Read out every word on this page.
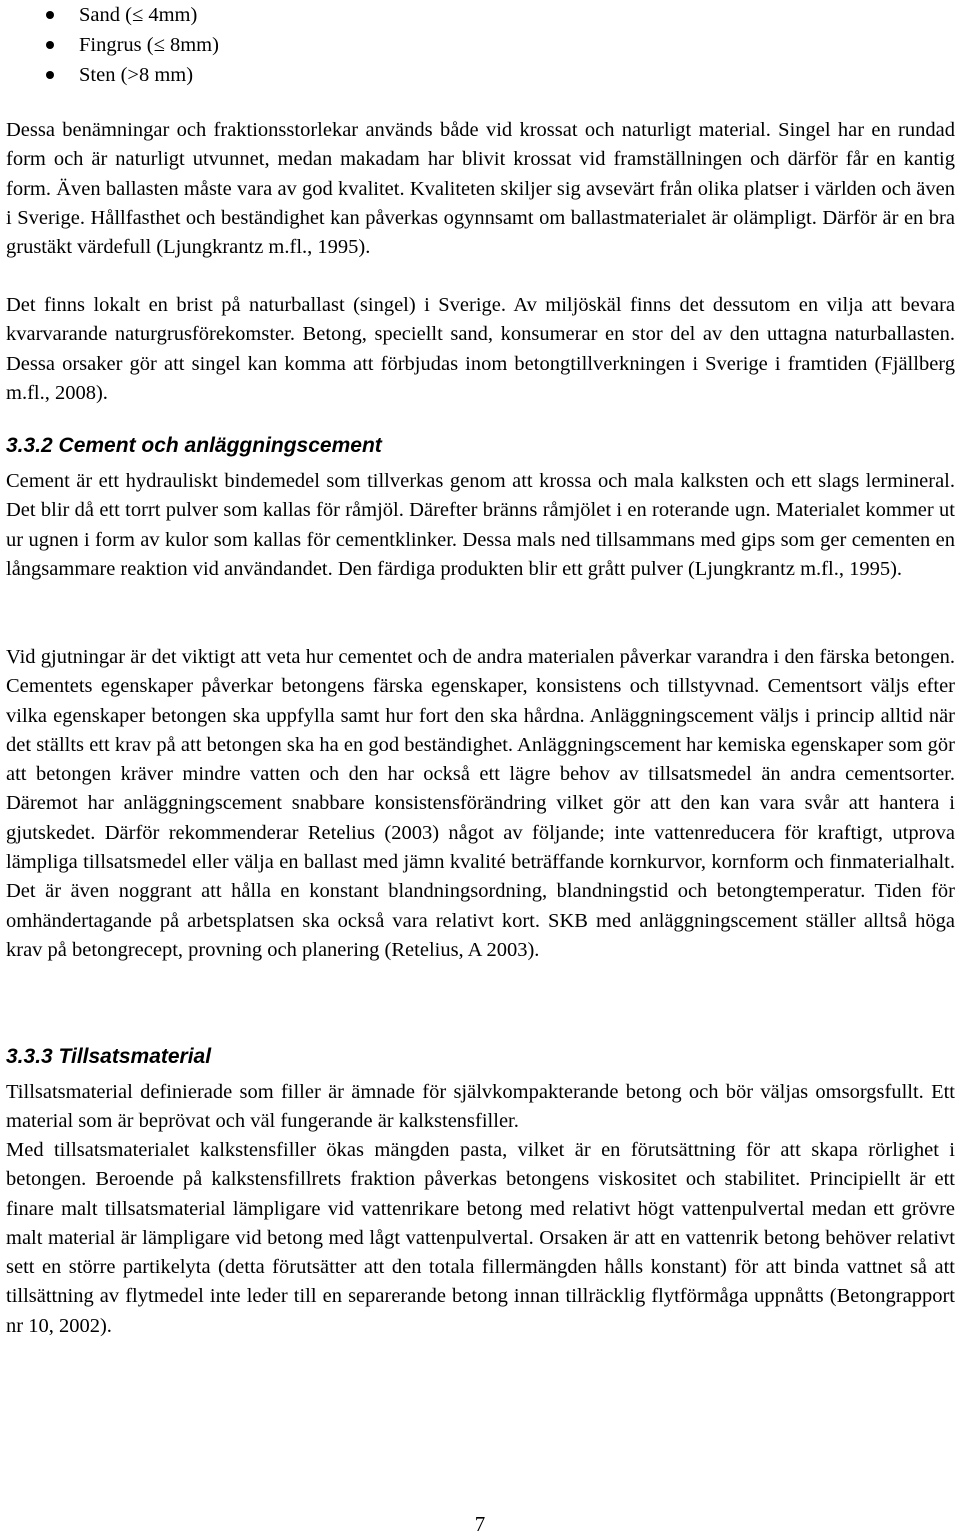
Sand (≤ 4mm)
Fingrus (≤ 8mm)
Sten (>8 mm)

Dessa benämningar och fraktionsstorlekar används både vid krossat och naturligt material. Singel har en rundad form och är naturligt utvunnet, medan makadam har blivit krossat vid framställningen och därför får en kantig form. Även ballasten måste vara av god kvalitet. Kvaliteten skiljer sig avsevärt från olika platser i världen och även i Sverige. Hållfasthet och beständighet kan påverkas ogynnsamt om ballastmaterialet är olämpligt. Därför är en bra grustäkt värdefull (Ljungkrantz m.fl., 1995).

Det finns lokalt en brist på naturballast (singel) i Sverige. Av miljöskäl finns det dessutom en vilja att bevara kvarvarande naturgrusförekomster. Betong, speciellt sand, konsumerar en stor del av den uttagna naturballasten. Dessa orsaker gör att singel kan komma att förbjudas inom betongtillverkningen i Sverige i framtiden (Fjällberg m.fl., 2008).

3.3.2 Cement och anläggningscement

Cement är ett hydrauliskt bindemedel som tillverkas genom att krossa och mala kalksten och ett slags lermineral. Det blir då ett torrt pulver som kallas för råmjöl. Därefter bränns råmjölet i en roterande ugn. Materialet kommer ut ur ugnen i form av kulor som kallas för cementklinker. Dessa mals ned tillsammans med gips som ger cementen en långsammare reaktion vid användandet. Den färdiga produkten blir ett grått pulver (Ljungkrantz m.fl., 1995).

Vid gjutningar är det viktigt att veta hur cementet och de andra materialen påverkar varandra i den färska betongen. Cementets egenskaper påverkar betongens färska egenskaper, konsistens och tillstyvnad. Cementsort väljs efter vilka egenskaper betongen ska uppfylla samt hur fort den ska hårdna. Anläggningscement väljs i princip alltid när det ställts ett krav på att betongen ska ha en god beständighet. Anläggningscement har kemiska egenskaper som gör att betongen kräver mindre vatten och den har också ett lägre behov av tillsatsmedel än andra cementsorter. Däremot har anläggningscement snabbare konsistensförändring vilket gör att den kan vara svår att hantera i gjutskedet. Därför rekommenderar Retelius (2003) något av följande; inte vattenreducera för kraftigt, utprova lämpliga tillsatsmedel eller välja en ballast med jämn kvalité beträffande kornkurvor, kornform och finmaterialhalt. Det är även noggrant att hålla en konstant blandningsordning, blandningstid och betongtemperatur. Tiden för omhändertagande på arbetsplatsen ska också vara relativt kort. SKB med anläggningscement ställer alltså höga krav på betongrecept, provning och planering (Retelius, A 2003).

3.3.3 Tillsatsmaterial

Tillsatsmaterial definierade som filler är ämnade för självkompakterande betong och bör väljas omsorgsfullt. Ett material som är beprövat och väl fungerande är kalkstensfiller.

Med tillsatsmaterialet kalkstensfiller ökas mängden pasta, vilket är en förutsättning för att skapa rörlighet i betongen. Beroende på kalkstensfillrets fraktion påverkas betongens viskositet och stabilitet. Principiellt är ett finare malt tillsatsmaterial lämpligare vid vattenrikare betong med relativt högt vattenpulvertal medan ett grövre malt material är lämpligare vid betong med lågt vattenpulvertal. Orsaken är att en vattenrik betong behöver relativt sett en större partikelyta (detta förutsätter att den totala fillermängden hålls konstant) för att binda vattnet så att tillsättning av flytmedel inte leder till en separerande betong innan tillräcklig flytförmåga uppnåtts (Betongrapport nr 10, 2002).

7
